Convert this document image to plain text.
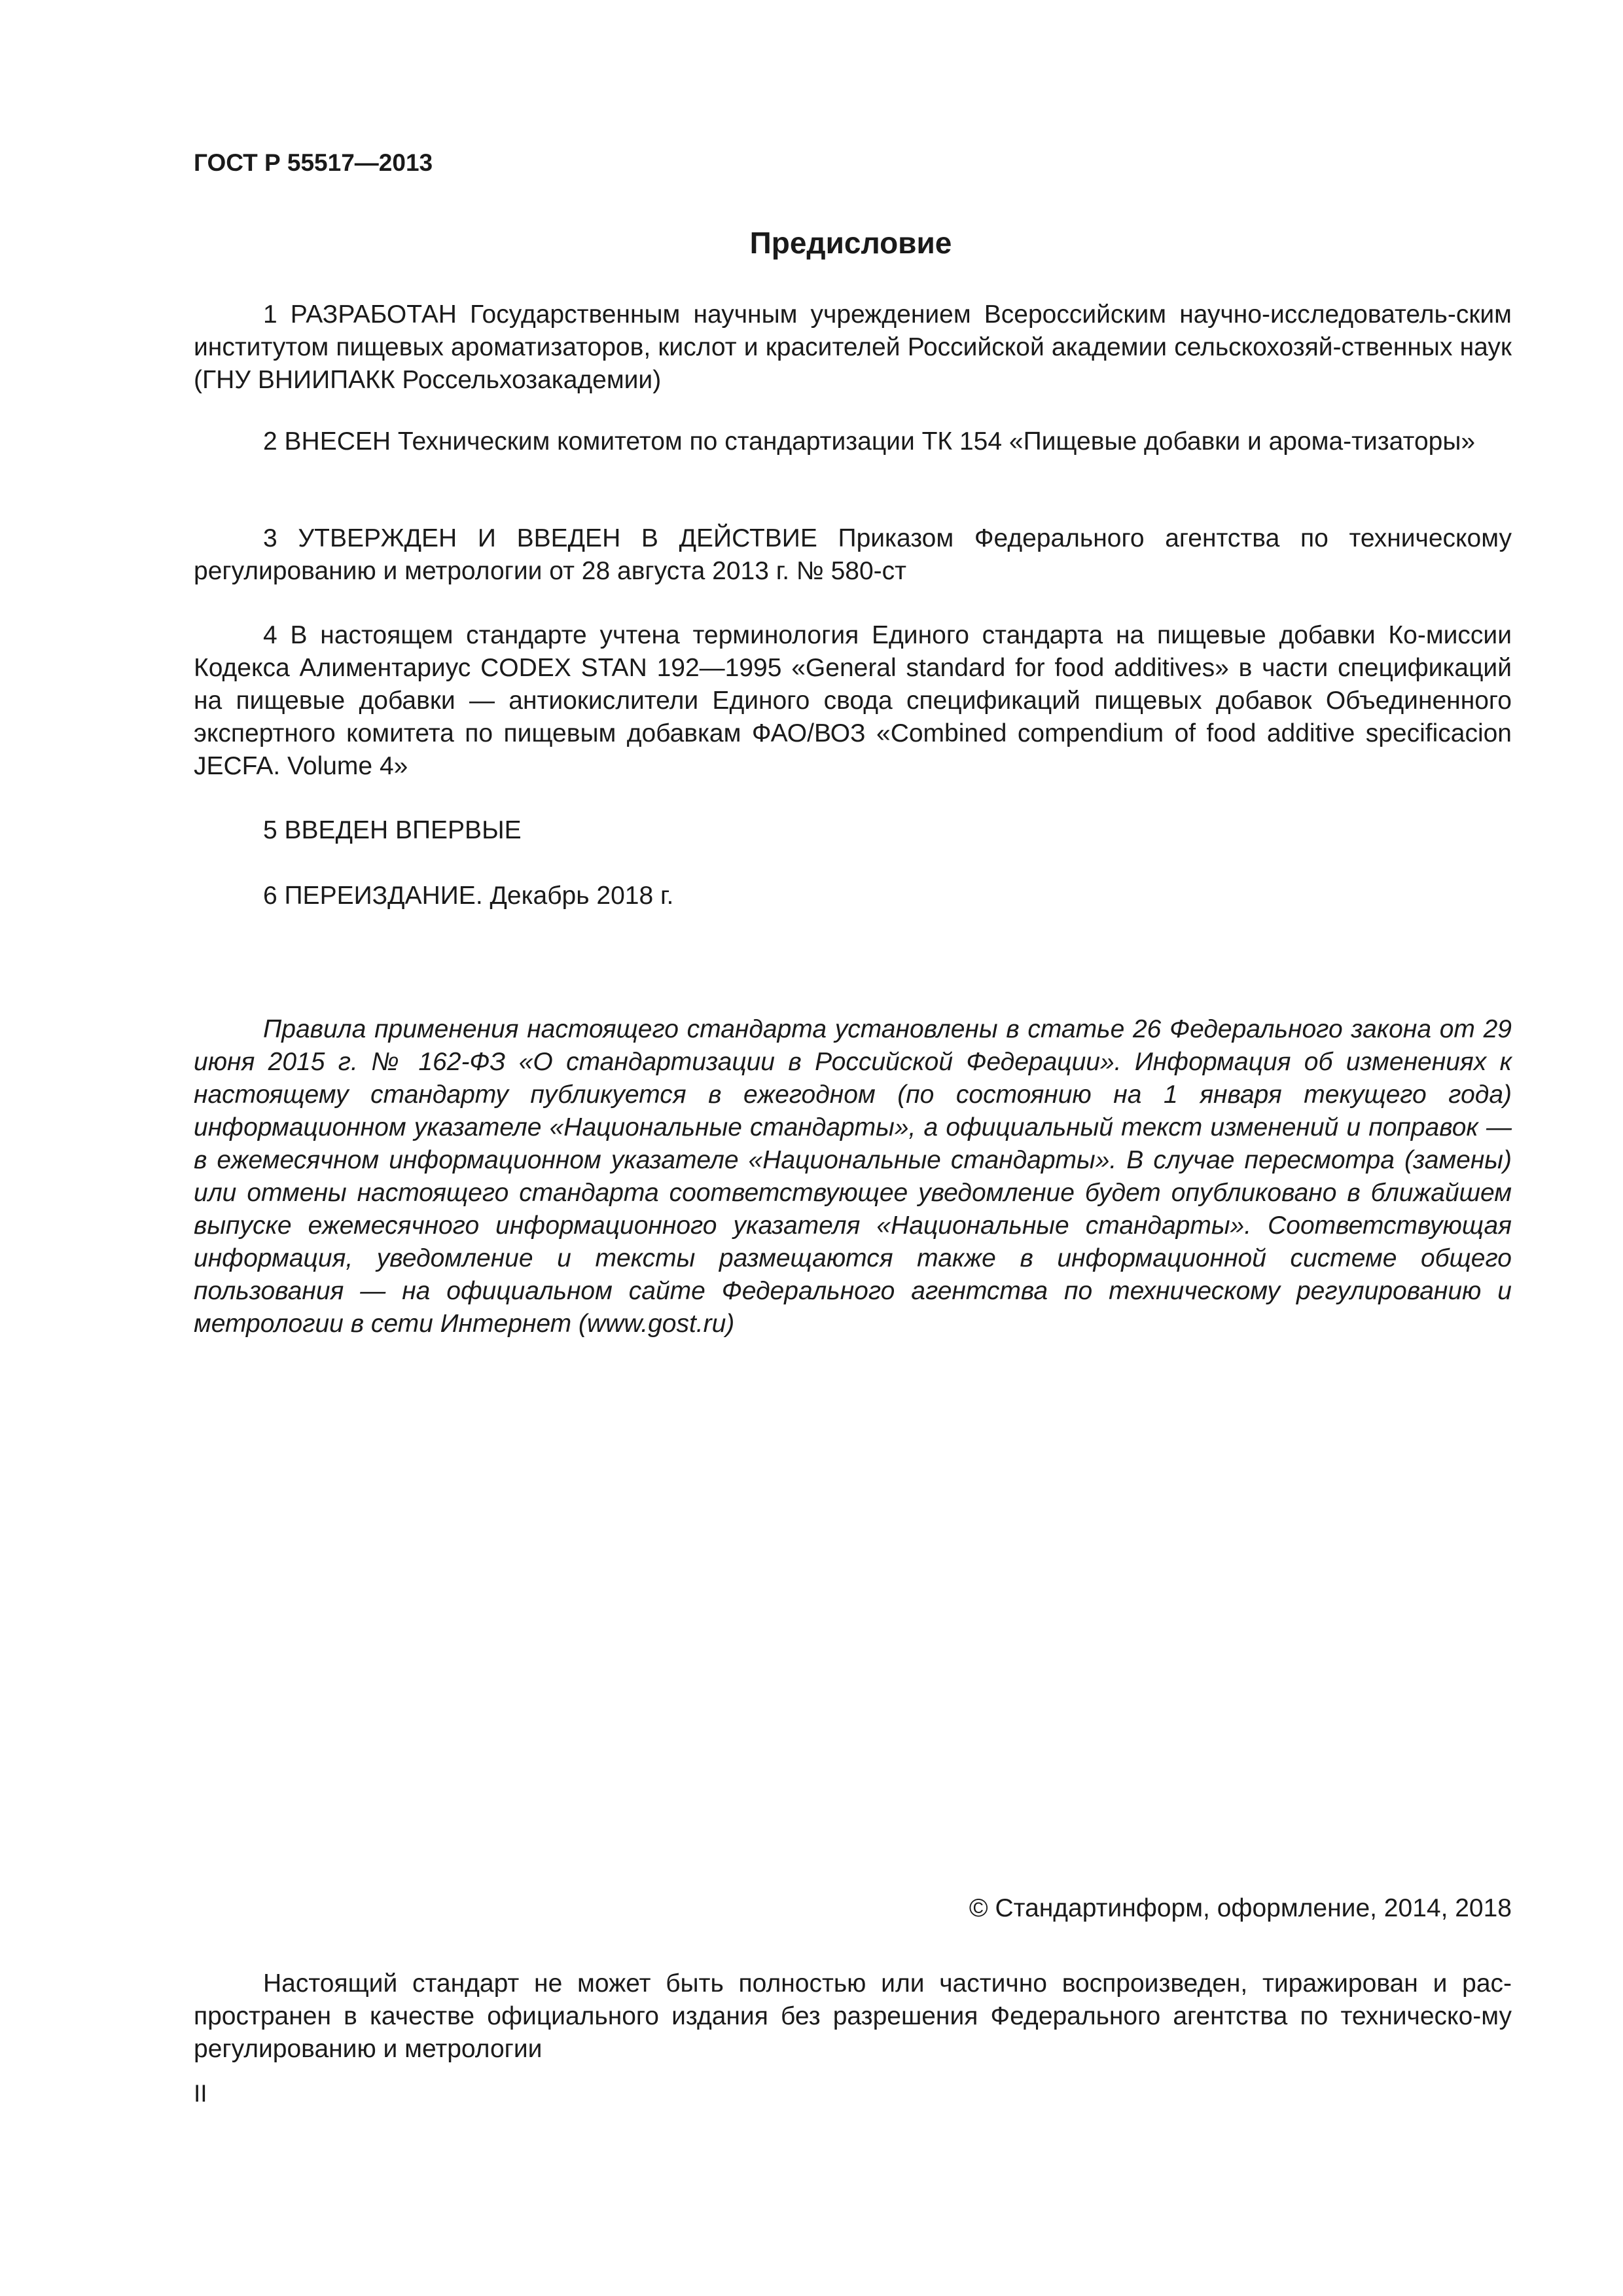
ГОСТ Р 55517—2013
Предисловие

1 РАЗРАБОТАН Государственным научным учреждением Всероссийским научно-исследователь-ским институтом пищевых ароматизаторов, кислот и красителей Российской академии сельскохозяй-ственных наук (ГНУ ВНИИПАКК Россельхозакадемии)

2 ВНЕСЕН Техническим комитетом по стандартизации ТК 154 «Пищевые добавки и арома-тизаторы»

3 УТВЕРЖДЕН И ВВЕДЕН В ДЕЙСТВИЕ Приказом Федерального агентства по техническому регулированию и метрологии от 28 августа 2013 г. № 580-ст

4 В настоящем стандарте учтена терминология Единого стандарта на пищевые добавки Ко-миссии Кодекса Алиментариус CODEX STAN 192—1995 «General standard for food additives» в части спецификаций на пищевые добавки — антиокислители Единого свода спецификаций пищевых добавок Объединенного экспертного комитета по пищевым добавкам ФАО/ВОЗ «Combined compendium of food additive specificacion JECFA. Volume 4»

5 ВВЕДЕН ВПЕРВЫЕ

6 ПЕРЕИЗДАНИЕ. Декабрь 2018 г.

Правила применения настоящего стандарта установлены в статье 26 Федерального закона от 29 июня 2015 г. № 162-ФЗ «О стандартизации в Российской Федерации». Информация об изменениях к настоящему стандарту публикуется в ежегодном (по состоянию на 1 января текущего года) информационном указателе «Национальные стандарты», а официальный текст изменений и поправок — в ежемесячном информационном указателе «Национальные стандарты». В случае пересмотра (замены) или отмены настоящего стандарта соответствующее уведомление будет опубликовано в ближайшем выпуске ежемесячного информационного указателя «Национальные стандарты». Соответствующая информация, уведомление и тексты размещаются также в информационной системе общего пользования — на официальном сайте Федерального агентства по техническому регулированию и метрологии в сети Интернет (www.gost.ru)

© Стандартинформ, оформление, 2014, 2018

Настоящий стандарт не может быть полностью или частично воспроизведен, тиражирован и рас-пространен в качестве официального издания без разрешения Федерального агентства по техническо-му регулированию и метрологии

II
